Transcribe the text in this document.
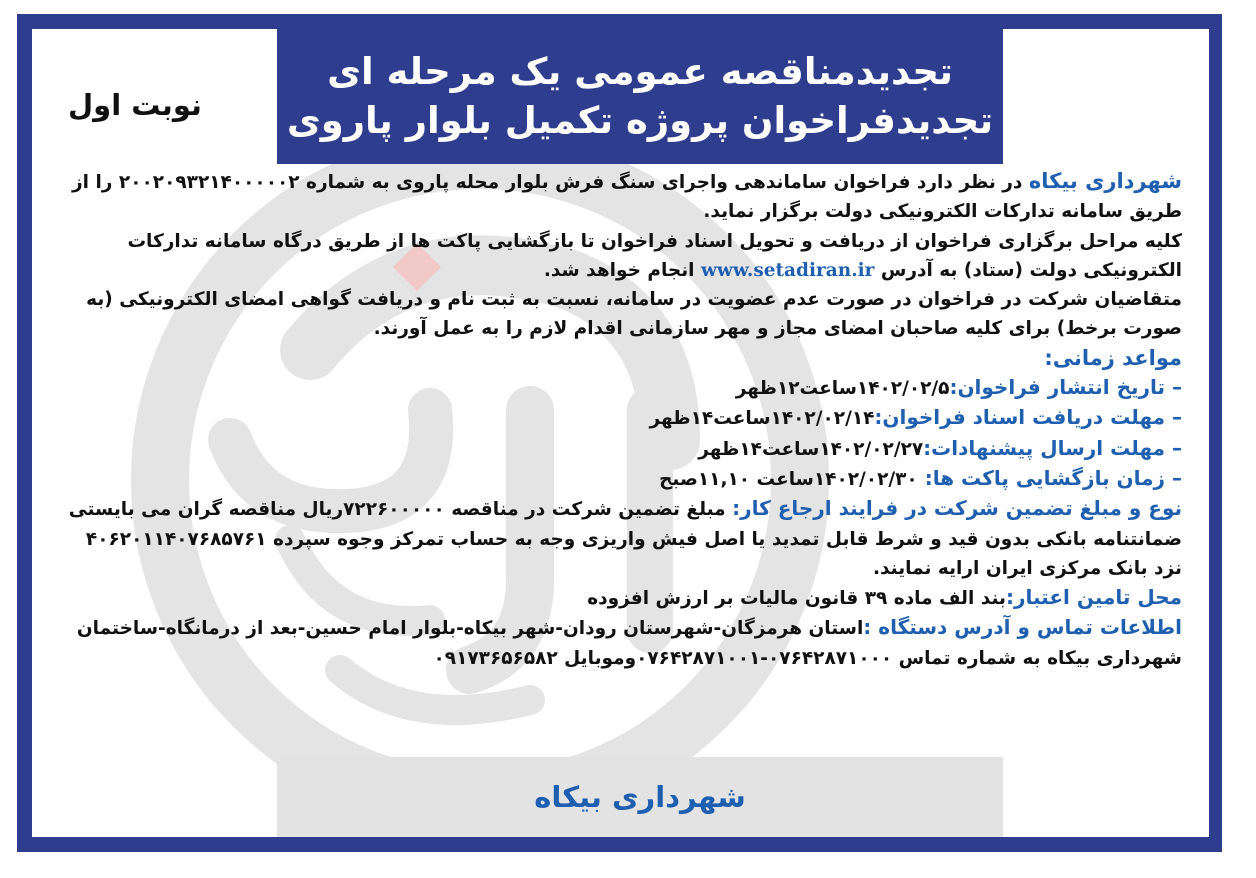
تجدیدمناقصه عمومی یک مرحله ای
تجدیدفراخوان پروژه تکمیل بلوار پاروی
نوبت اول

شهرداری بیکاه در نظر دارد فراخوان ساماندهی واجرای سنگ فرش بلوار محله پاروی به شماره ۲۰۰۲۰۹۳۲۱۴۰۰۰۰۰۲ را از طریق سامانه تدارکات الکترونیکی دولت برگزار نماید.

کلیه مراحل برگزاری فراخوان از دریافت و تحویل اسناد فراخوان تا بازگشایی پاکت ها از طریق درگاه سامانه تدارکات الکترونیکی دولت (ستاد) به آدرس www.setadiran.ir انجام خواهد شد.

متقاضیان شرکت در فراخوان در صورت عدم عضویت در سامانه، نسبت به ثبت نام و دریافت گواهی امضای الکترونیکی (به صورت برخط) برای کلیه صاحبان امضای مجاز و مهر سازمانی اقدام لازم را به عمل آورند.

مواعد زمانی:

– تاریخ انتشار فراخوان:۱۴۰۲/۰۲/۵ساعت۱۲ظهر

– مهلت دریافت اسناد فراخوان:۱۴۰۲/۰۲/۱۴ساعت۱۴ظهر

– مهلت ارسال پیشنهادات:۱۴۰۲/۰۲/۲۷ساعت۱۴ظهر

– زمان بازگشایی پاکت ها: ۱۴۰۲/۰۲/۳۰ساعت ۱۱,۱۰صبح

نوع و مبلغ تضمین شرکت در فرایند ارجاع کار: مبلغ تضمین شرکت در مناقصه ۷۲۲۶۰۰۰۰۰ریال مناقصه گران می بایستی ضمانتنامه بانکی بدون قید و شرط قابل تمدید یا اصل فیش واریزی وجه به حساب تمرکز وجوه سپرده ۴۰۶۲۰۱۱۴۰۷۶۸۵۷۶۱ نزد بانک مرکزی ایران ارایه نمایند.

محل تامین اعتبار:بند الف ماده ۳۹ قانون مالیات بر ارزش افزوده

اطلاعات تماس و آدرس دستگاه :استان هرمزگان-شهرستان رودان-شهر بیکاه-بلوار امام حسین-بعد از درمانگاه-ساختمان شهرداری بیکاه به شماره تماس ۰۷۶۴۲۸۷۱۰۰۰-۰۷۶۴۲۸۷۱۰۰۱وموبایل ۰۹۱۷۳۶۵۶۵۸۲

شهرداری بیکاه
